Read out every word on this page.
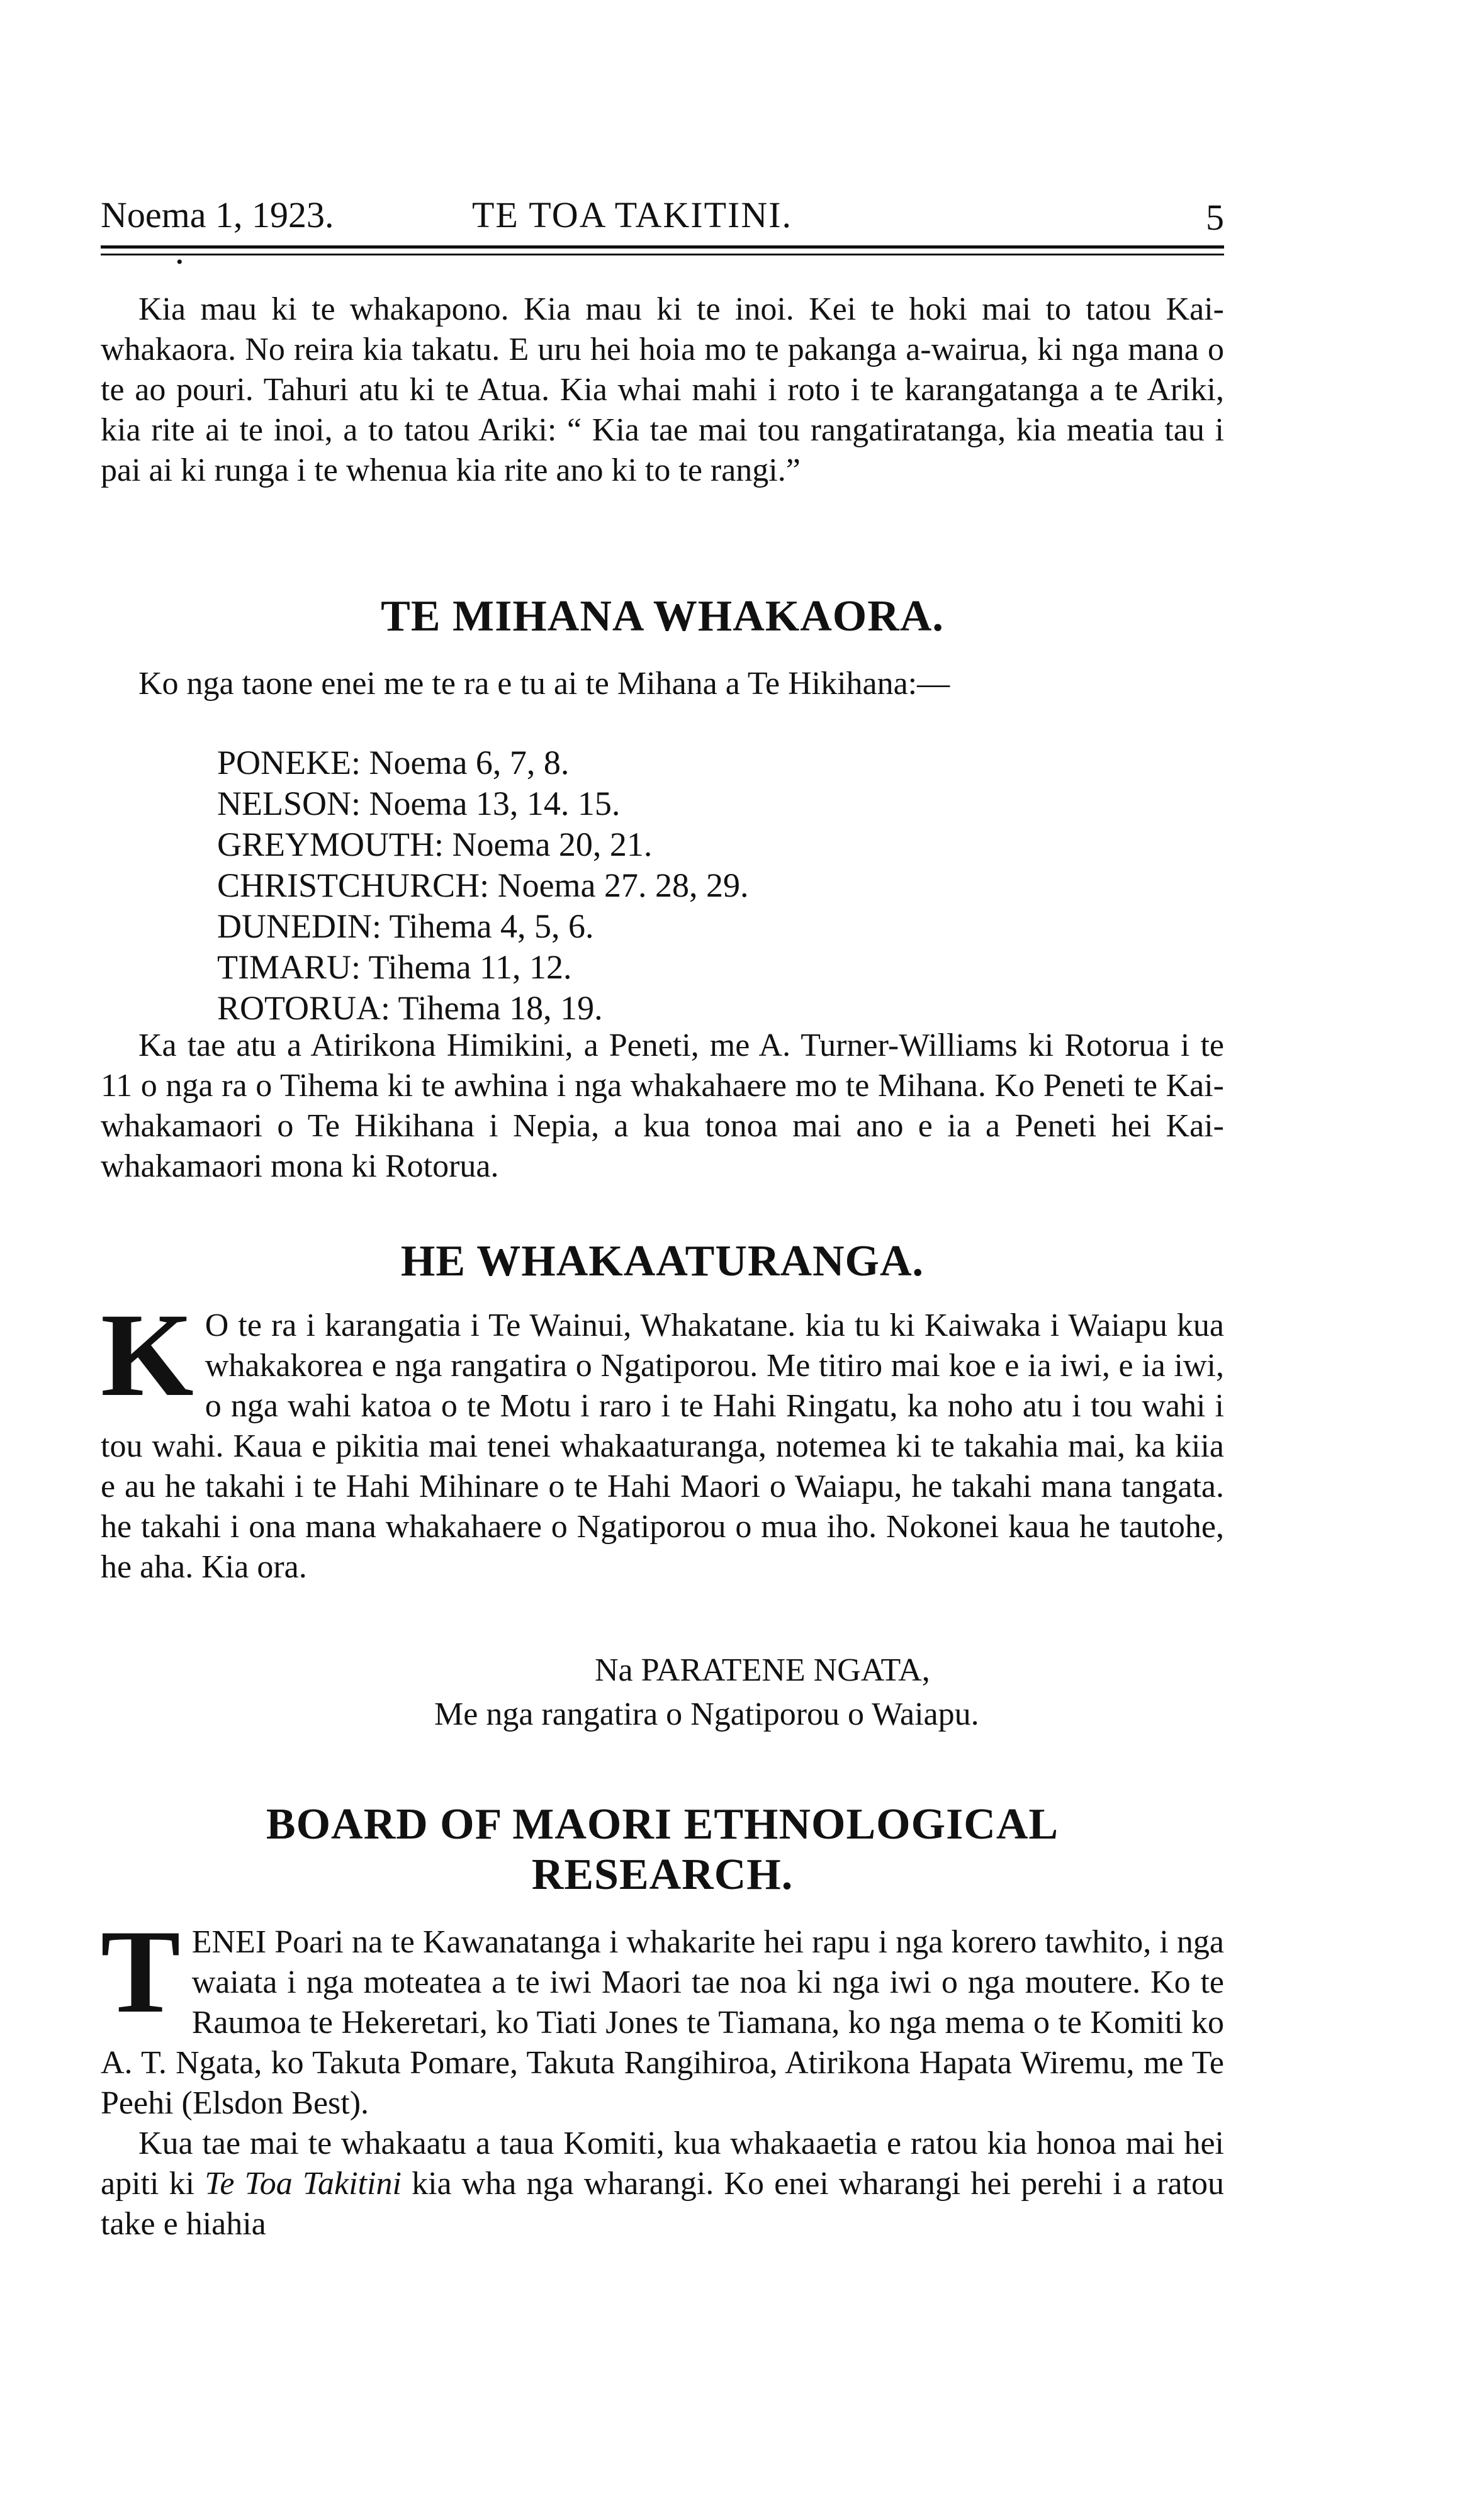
Noema 1, 1923.	TE TOA TAKITINI.	5
•

Kia mau ki te whakapono. Kia mau ki te inoi. Kei te hoki mai to tatou Kai-whakaora. No reira kia takatu. E uru hei hoia mo te pakanga a-wairua, ki nga mana o te ao pouri. Tahuri atu ki te Atua. Kia whai mahi i roto i te karangatanga a te Ariki, kia rite ai te inoi, a to tatou Ariki: “ Kia tae mai tou rangatiratanga, kia meatia tau i pai ai ki runga i te whenua kia rite ano ki to te rangi.”

TE MIHANA WHAKAORA.

Ko nga taone enei me te ra e tu ai te Mihana a Te Hikihana:—

PONEKE: Noema 6, 7, 8.
NELSON: Noema 13, 14. 15.
GREYMOUTH: Noema 20, 21.
CHRISTCHURCH: Noema 27. 28, 29.
DUNEDIN: Tihema 4, 5, 6.
TIMARU: Tihema 11, 12.
ROTORUA: Tihema 18, 19.

Ka tae atu a Atirikona Himikini, a Peneti, me A. Turner-Williams ki Rotorua i te 11 o nga ra o Tihema ki te awhina i nga whakahaere mo te Mihana. Ko Peneti te Kai-whakamaori o Te Hikihana i Nepia, a kua tonoa mai ano e ia a Peneti hei Kai-whakamaori mona ki Rotorua.

HE WHAKAATURANGA.

K O te ra i karangatia i Te Wainui, Whakatane. kia tu ki Kaiwaka i Waiapu kua whakakorea e nga rangatira o Ngatiporou. Me titiro mai koe e ia iwi, e ia iwi, o nga wahi katoa o te Motu i raro i te Hahi Ringatu, ka noho atu i tou wahi i tou wahi. Kaua e pikitia mai tenei whakaaturanga, notemea ki te takahia mai, ka kiia e au he takahi i te Hahi Mihinare o te Hahi Maori o Waiapu, he takahi mana tangata. he takahi i ona mana whakahaere o Ngatiporou o mua iho. Nokonei kaua he tautohe, he aha. Kia ora.

Na PARATENE NGATA,
Me nga rangatira o Ngatiporou o Waiapu.
BOARD OF MAORI ETHNOLOGICAL
RESEARCH.

TENEI Poari na te Kawanatanga i whakarite hei rapu i nga korero tawhito, i nga waiata i nga moteatea a te iwi Maori tae noa ki nga iwi o nga moutere. Ko te Raumoa te Hekeretari, ko Tiati Jones te Tiamana, ko nga mema o te Komiti ko A. T. Ngata, ko Takuta Pomare, Takuta Rangihiroa, Atirikona Hapata Wiremu, me Te Peehi (Elsdon Best).

Kua tae mai te whakaatu a taua Komiti, kua whakaaetia e ratou kia honoa mai hei apiti ki Te Toa Takitini kia wha nga wharangi. Ko enei wharangi hei perehi i a ratou take e hiahia
